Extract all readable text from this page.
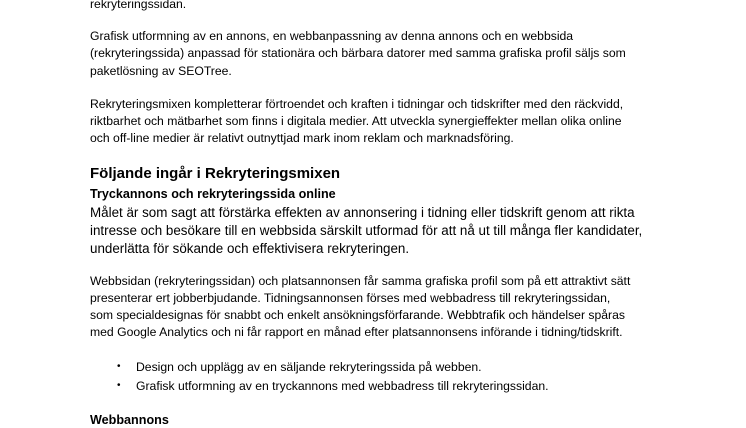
rekryteringssidan.
Grafisk utformning av en annons, en webbanpassning av denna annons och en webbsida
(rekryteringssida) anpassad för stationära och bärbara datorer med samma grafiska profil säljs som
paketlösning av SEOTree.
Rekryteringsmixen kompletterar förtroendet och kraften i tidningar och tidskrifter med den räckvidd,
riktbarhet och mätbarhet som finns i digitala medier. Att utveckla synergieffekter mellan olika online
och off-line medier är relativt outnyttjad mark inom reklam och marknadsföring.
Följande ingår i Rekryteringsmixen
Tryckannons och rekryteringssida online
Målet är som sagt att förstärka effekten av annonsering i tidning eller tidskrift genom att rikta
intresse och besökare till en webbsida särskilt utformad för att nå ut till många fler kandidater,
underlätta för sökande och effektivisera rekryteringen.
Webbsidan (rekryteringssidan) och platsannonsen får samma grafiska profil som på ett attraktivt sätt
presenterar ert jobberbjudande. Tidningsannonsen förses med webbadress till rekryteringssidan,
som specialdesignas för snabbt och enkelt ansökningsförfarande. Webbtrafik och händelser spåras
med Google Analytics och ni får rapport en månad efter platsannonsens införande i tidning/tidskrift.
• Design och upplägg av en säljande rekryteringssida på webben.
• Grafisk utformning av en tryckannons med webbadress till rekryteringssidan.
Webbannons
